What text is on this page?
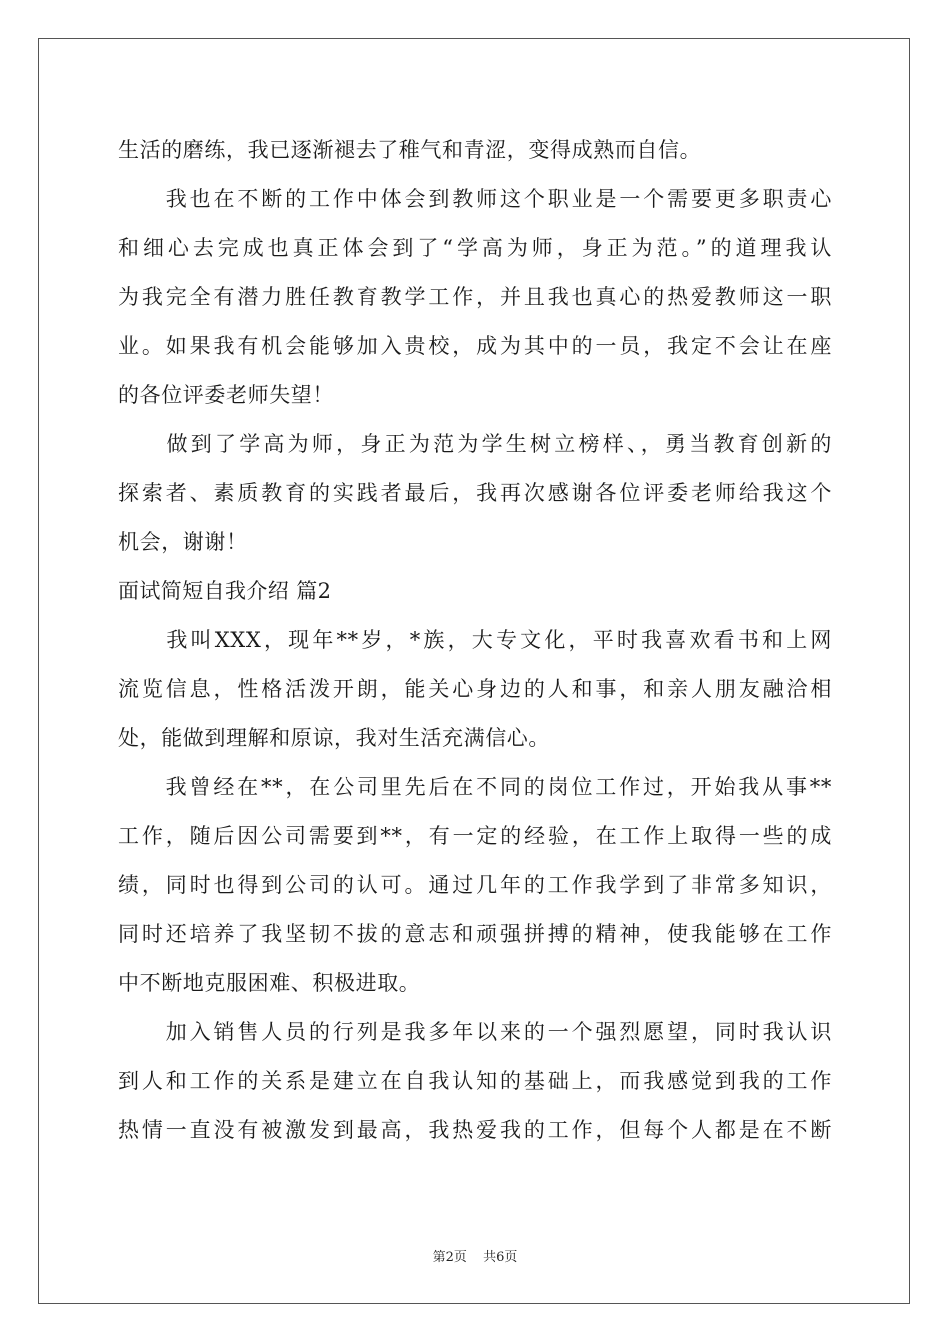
生活的磨练，我已逐渐褪去了稚气和青涩，变得成熟而自信。
　　我也在不断的工作中体会到教师这个职业是一个需要更多职责心
和细心去完成也真正体会到了“学高为师，身正为范。”的道理我认
为我完全有潜力胜任教育教学工作，并且我也真心的热爱教师这一职
业。如果我有机会能够加入贵校，成为其中的一员，我定不会让在座
的各位评委老师失望！
　　做到了学高为师，身正为范为学生树立榜样、，勇当教育创新的
探索者、素质教育的实践者最后，我再次感谢各位评委老师给我这个
机会，谢谢！
面试简短自我介绍 篇2
　　我叫XXX，现年**岁，*族，大专文化，平时我喜欢看书和上网
流览信息，性格活泼开朗，能关心身边的人和事，和亲人朋友融洽相
处，能做到理解和原谅，我对生活充满信心。
　　我曾经在**，在公司里先后在不同的岗位工作过，开始我从事**
工作，随后因公司需要到**，有一定的经验，在工作上取得一些的成
绩，同时也得到公司的认可。通过几年的工作我学到了非常多知识，
同时还培养了我坚韧不拔的意志和顽强拼搏的精神，使我能够在工作
中不断地克服困难、积极进取。
　　加入销售人员的行列是我多年以来的一个强烈愿望，同时我认识
到人和工作的关系是建立在自我认知的基础上，而我感觉到我的工作
热情一直没有被激发到最高，我热爱我的工作，但每个人都是在不断
第2页 共6页
